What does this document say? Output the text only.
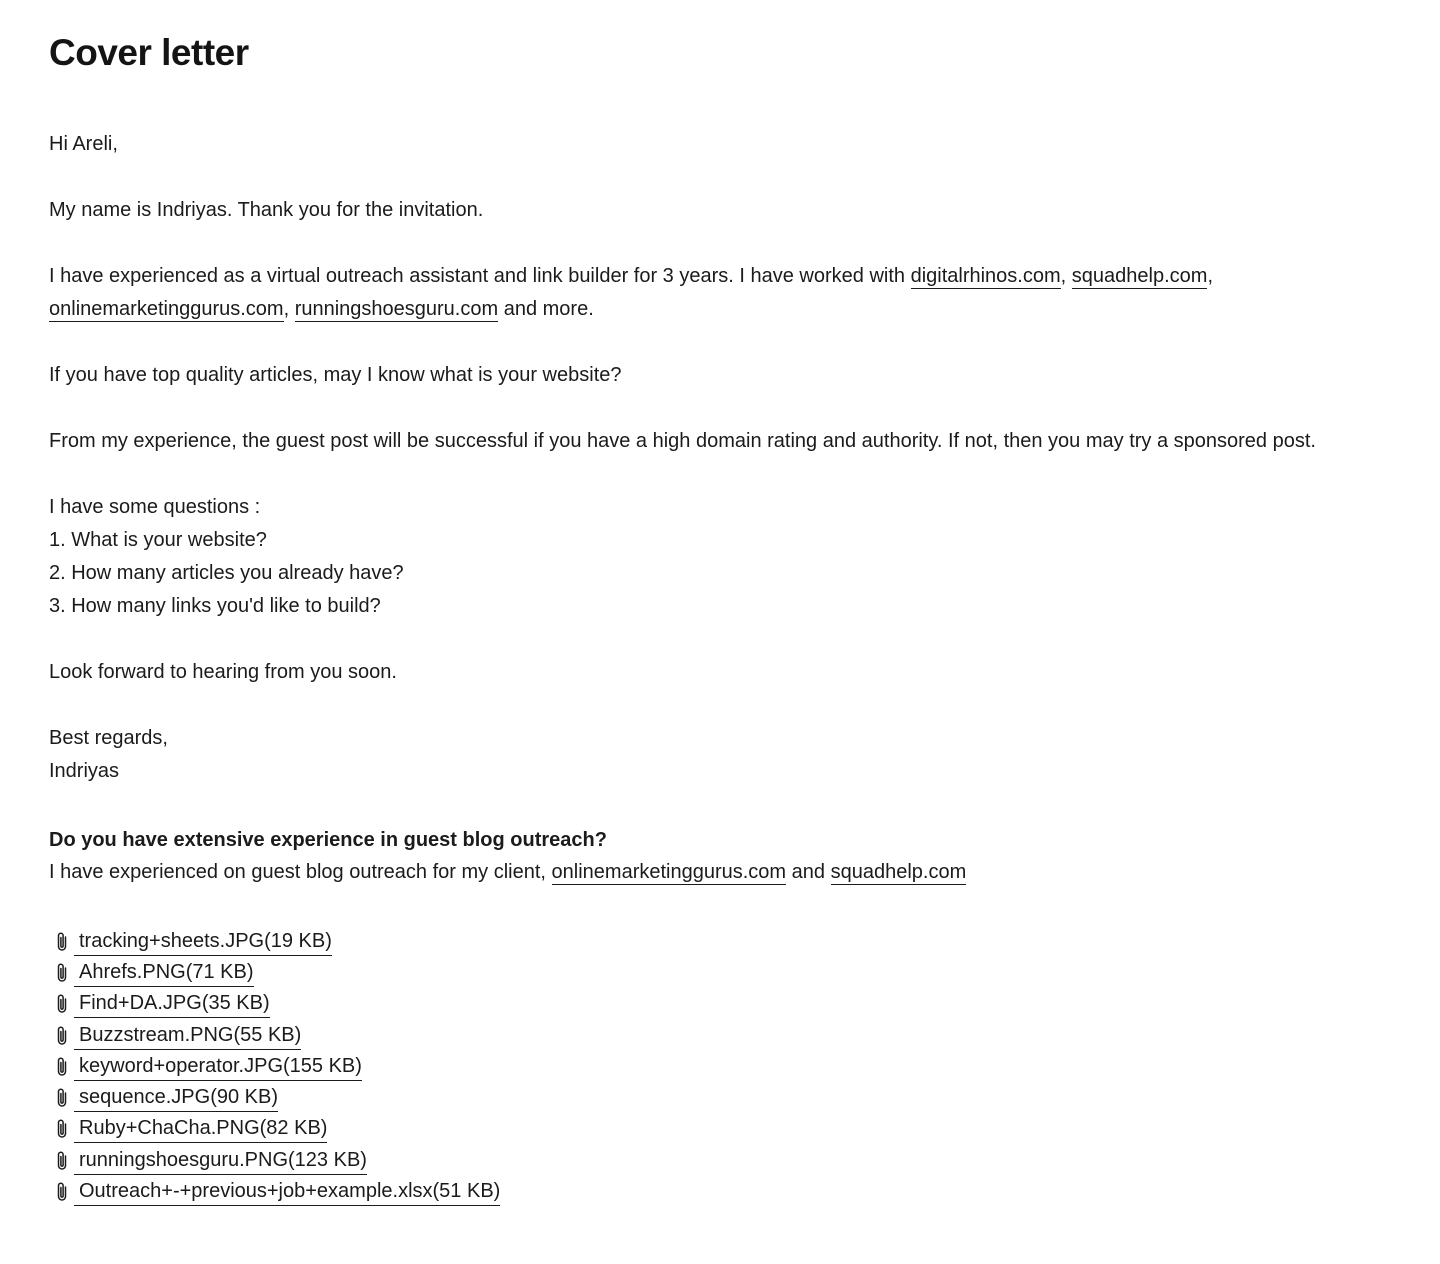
Cover letter

Hi Areli,

My name is Indriyas. Thank you for the invitation.

I have experienced as a virtual outreach assistant and link builder for 3 years. I have worked with digitalrhinos.com, squadhelp.com, onlinemarketinggurus.com, runningshoesguru.com and more.

If you have top quality articles, may I know what is your website?

From my experience, the guest post will be successful if you have a high domain rating and authority. If not, then you may try a sponsored post.

I have some questions :

1. What is your website?

2. How many articles you already have?

3. How many links you'd like to build?

Look forward to hearing from you soon.

Best regards,

Indriyas

Do you have extensive experience in guest blog outreach?
I have experienced on guest blog outreach for my client, onlinemarketinggurus.com and squadhelp.com
tracking+sheets.JPG(19 KB)
Ahrefs.PNG(71 KB)
Find+DA.JPG(35 KB)
Buzzstream.PNG(55 KB)
keyword+operator.JPG(155 KB)
sequence.JPG(90 KB)
Ruby+ChaCha.PNG(82 KB)
runningshoesguru.PNG(123 KB)
Outreach+-+previous+job+example.xlsx(51 KB)
